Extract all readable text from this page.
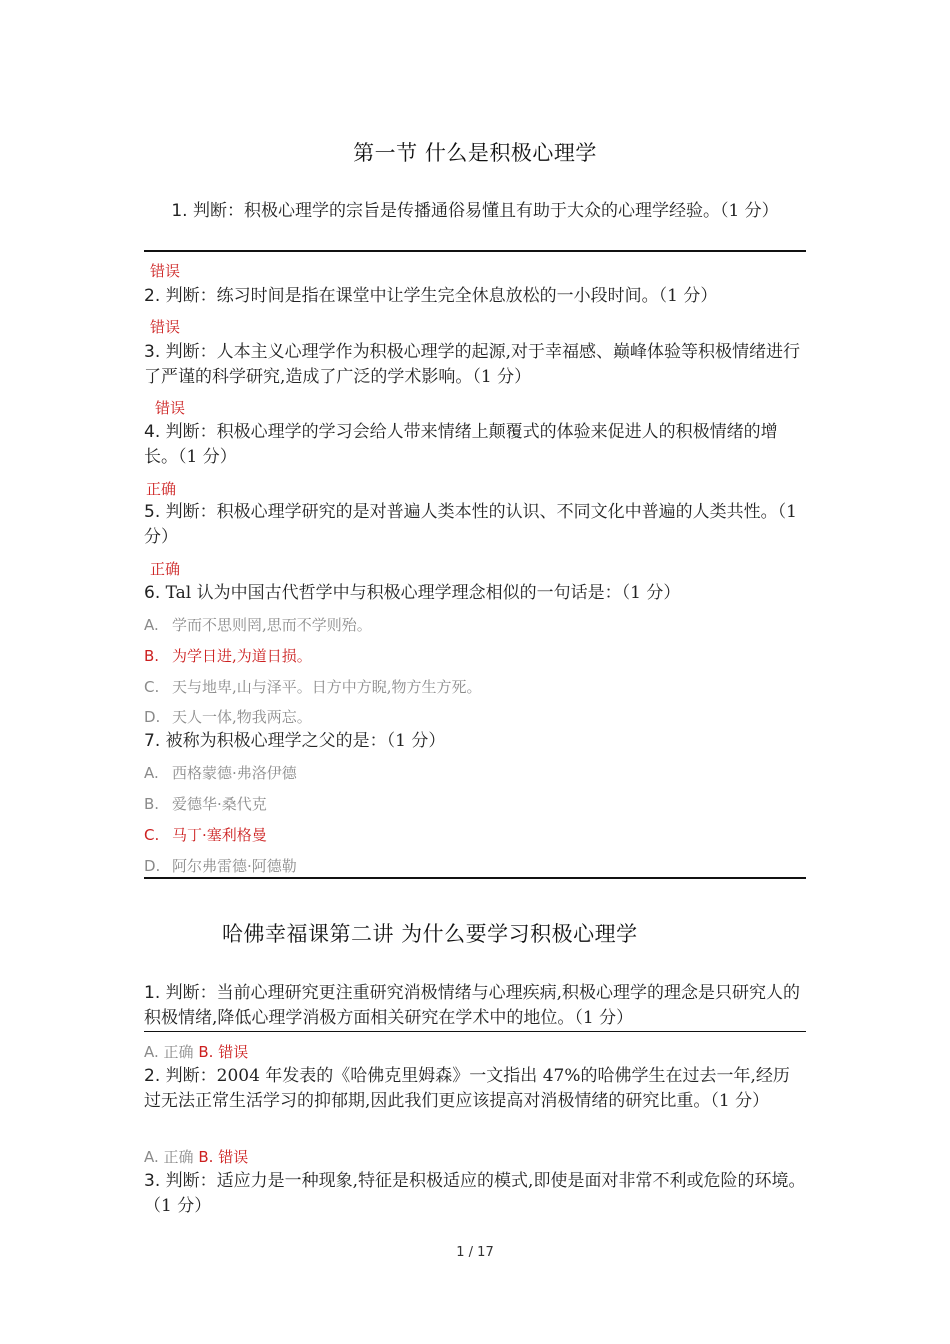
第一节 什么是积极心理学
1. 判断：积极心理学的宗旨是传播通俗易懂且有助于大众的心理学经验。（1 分）
错误
2. 判断：练习时间是指在课堂中让学生完全休息放松的一小段时间。（1 分）
错误
3. 判断：人本主义心理学作为积极心理学的起源,对于幸福感、巅峰体验等积极情绪进行了严谨的科学研究,造成了广泛的学术影响。（1 分）
错误
4. 判断：积极心理学的学习会给人带来情绪上颠覆式的体验来促进人的积极情绪的增长。（1 分）
正确
5. 判断：积极心理学研究的是对普遍人类本性的认识、不同文化中普遍的人类共性。（1 分）
正确
6. Tal 认为中国古代哲学中与积极心理学理念相似的一句话是：（1 分）
A. 学而不思则罔,思而不学则殆。
B. 为学日进,为道日损。
C. 天与地卑,山与泽平。日方中方睨,物方生方死。
D. 天人一体,物我两忘。
7. 被称为积极心理学之父的是：（1 分）
A. 西格蒙德·弗洛伊德
B. 爱德华·桑代克
C. 马丁·塞利格曼
D. 阿尔弗雷德·阿德勒
哈佛幸福课第二讲 为什么要学习积极心理学
1. 判断：当前心理研究更注重研究消极情绪与心理疾病,积极心理学的理念是只研究人的积极情绪,降低心理学消极方面相关研究在学术中的地位。（1 分）
A. 正确 B. 错误
2. 判断：2004 年发表的《哈佛克里姆森》一文指出 47%的哈佛学生在过去一年,经历过无法正常生活学习的抑郁期,因此我们更应该提高对消极情绪的研究比重。（1 分）
A. 正确 B. 错误
3. 判断：适应力是一种现象,特征是积极适应的模式,即使是面对非常不利或危险的环境。（1 分）
1 / 17
